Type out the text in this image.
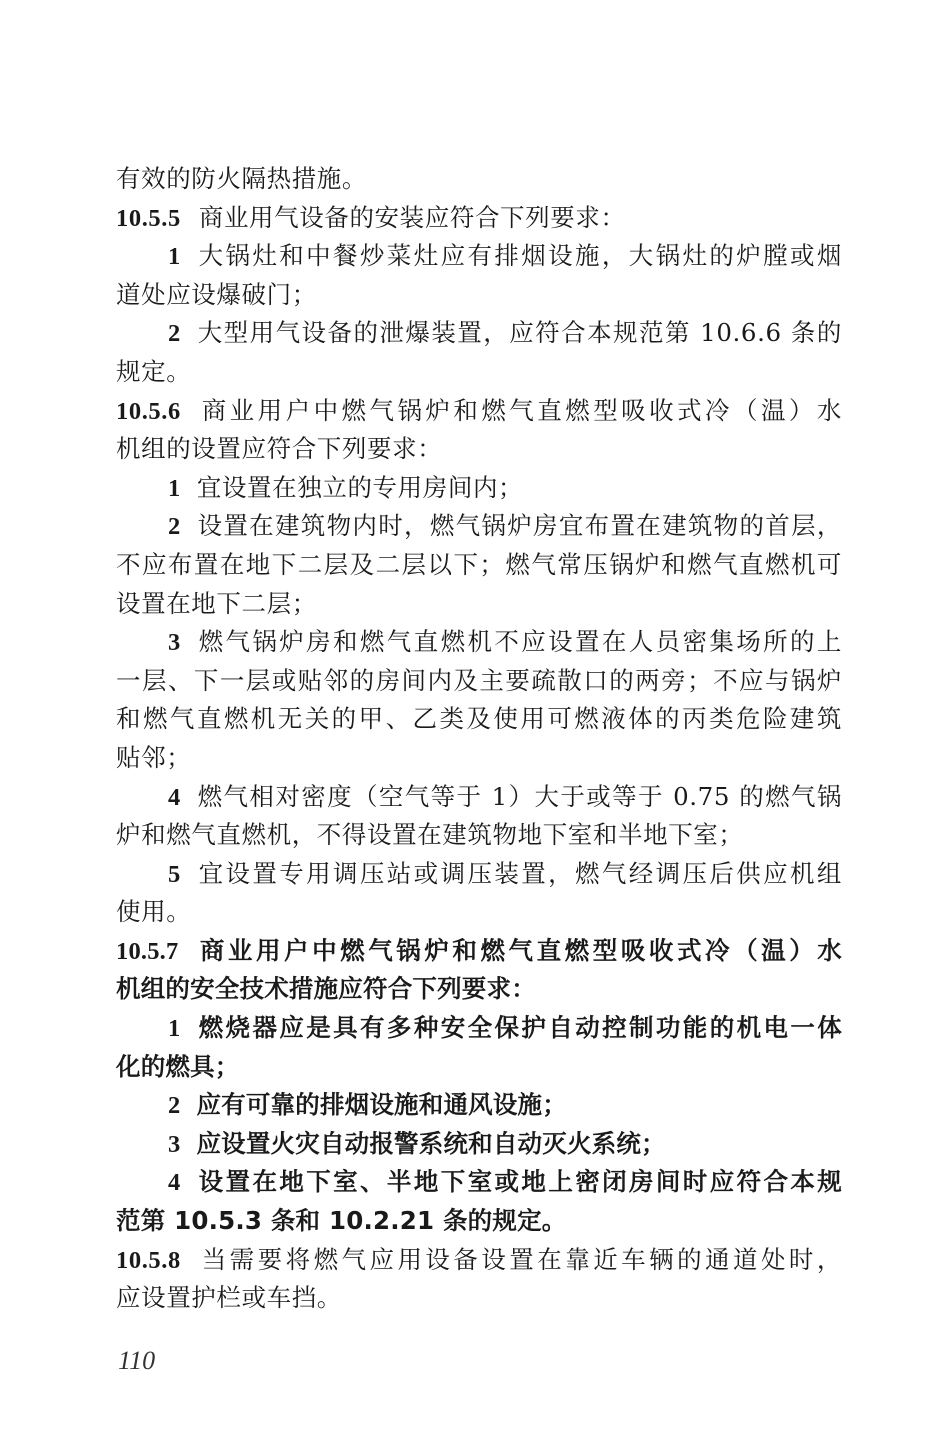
有效的防火隔热措施。
10.5.5 商业用气设备的安装应符合下列要求：
1 大锅灶和中餐炒菜灶应有排烟设施，大锅灶的炉膛或烟
道处应设爆破门；
2 大型用气设备的泄爆装置，应符合本规范第 10.6.6 条的
规定。
10.5.6 商业用户中燃气锅炉和燃气直燃型吸收式冷（温）水
机组的设置应符合下列要求：
1 宜设置在独立的专用房间内；
2 设置在建筑物内时，燃气锅炉房宜布置在建筑物的首层，
不应布置在地下二层及二层以下；燃气常压锅炉和燃气直燃机可
设置在地下二层；
3 燃气锅炉房和燃气直燃机不应设置在人员密集场所的上
一层、下一层或贴邻的房间内及主要疏散口的两旁；不应与锅炉
和燃气直燃机无关的甲、乙类及使用可燃液体的丙类危险建筑
贴邻；
4 燃气相对密度（空气等于 1）大于或等于 0.75 的燃气锅
炉和燃气直燃机，不得设置在建筑物地下室和半地下室；
5 宜设置专用调压站或调压装置，燃气经调压后供应机组
使用。
10.5.7 商业用户中燃气锅炉和燃气直燃型吸收式冷（温）水
机组的安全技术措施应符合下列要求：
1 燃烧器应是具有多种安全保护自动控制功能的机电一体
化的燃具；
2 应有可靠的排烟设施和通风设施；
3 应设置火灾自动报警系统和自动灭火系统；
4 设置在地下室、半地下室或地上密闭房间时应符合本规
范第 10.5.3 条和 10.2.21 条的规定。
10.5.8 当需要将燃气应用设备设置在靠近车辆的通道处时，
应设置护栏或车挡。
110
